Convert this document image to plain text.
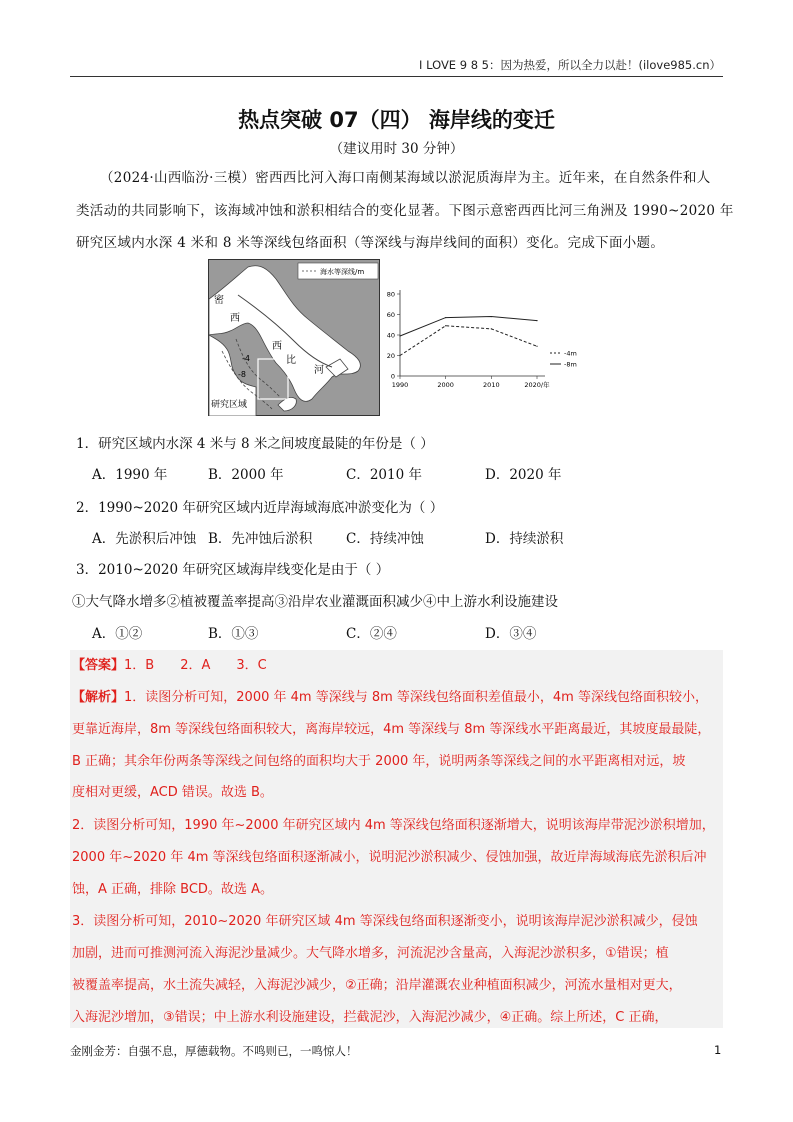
I LOVE 9 8 5：因为热爱，所以全力以赴！(ilove985.cn）
热点突破 07（四） 海岸线的变迁
（建议用时 30 分钟）
（2024·山西临汾·三模）密西西比河入海口南侧某海域以淤泥质海岸为主。近年来，在自然条件和人
类活动的共同影响下，该海域冲蚀和淤积相结合的变化显著。下图示意密西西比河三角洲及 1990~2020 年
研究区域内水深 4 米和 8 米等深线包络面积（等深线与海岸线间的面积）变化。完成下面小题。
海水等深线/m
密
西
西
比
河
研究区域
-4
-8	0
20
40
60
80
1990	2000	2010	2020/年
-4m
-8m
1．研究区域内水深 4 米与 8 米之间坡度最陡的年份是（ ）
A．1990 年	B．2000 年	C．2010 年	D．2020 年
2．1990~2020 年研究区域内近岸海域海底冲淤变化为（ ）
A．先淤积后冲蚀 B．先冲蚀后淤积 C．持续冲蚀	D．持续淤积
3．2010~2020 年研究区域海岸线变化是由于（ ）
①大气降水增多②植被覆盖率提高③沿岸农业灌溉面积减少④中上游水利设施建设
A．①②	B．①③	C．②④	D．③④
【答案】1．B　　2．A　　3．C
【解析】1．读图分析可知，2000 年 4m 等深线与 8m 等深线包络面积差值最小，4m 等深线包络面积较小，
更靠近海岸，8m 等深线包络面积较大，离海岸较远，4m 等深线与 8m 等深线水平距离最近，其坡度最最陡，
B 正确；其余年份两条等深线之间包络的面积均大于 2000 年，说明两条等深线之间的水平距离相对远，坡
度相对更缓，ACD 错误。故选 B。
2．读图分析可知，1990 年~2000 年研究区域内 4m 等深线包络面积逐渐增大，说明该海岸带泥沙淤积增加，
2000 年~2020 年 4m 等深线包络面积逐渐减小，说明泥沙淤积减少、侵蚀加强，故近岸海域海底先淤积后冲
蚀，A 正确，排除 BCD。故选 A。
3．读图分析可知，2010~2020 年研究区域 4m 等深线包络面积逐渐变小，说明该海岸泥沙淤积减少，侵蚀
加剧，进而可推测河流入海泥沙量减少。大气降水增多，河流泥沙含量高，入海泥沙淤积多，①错误；植
被覆盖率提高，水土流失减轻，入海泥沙减少，②正确；沿岸灌溉农业种植面积减少，河流水量相对更大，
入海泥沙增加，③错误；中上游水利设施建设，拦截泥沙，入海泥沙减少，④正确。综上所述，C 正确，
金刚金芳：自强不息，厚德载物。不鸣则已，一鸣惊人！	1
